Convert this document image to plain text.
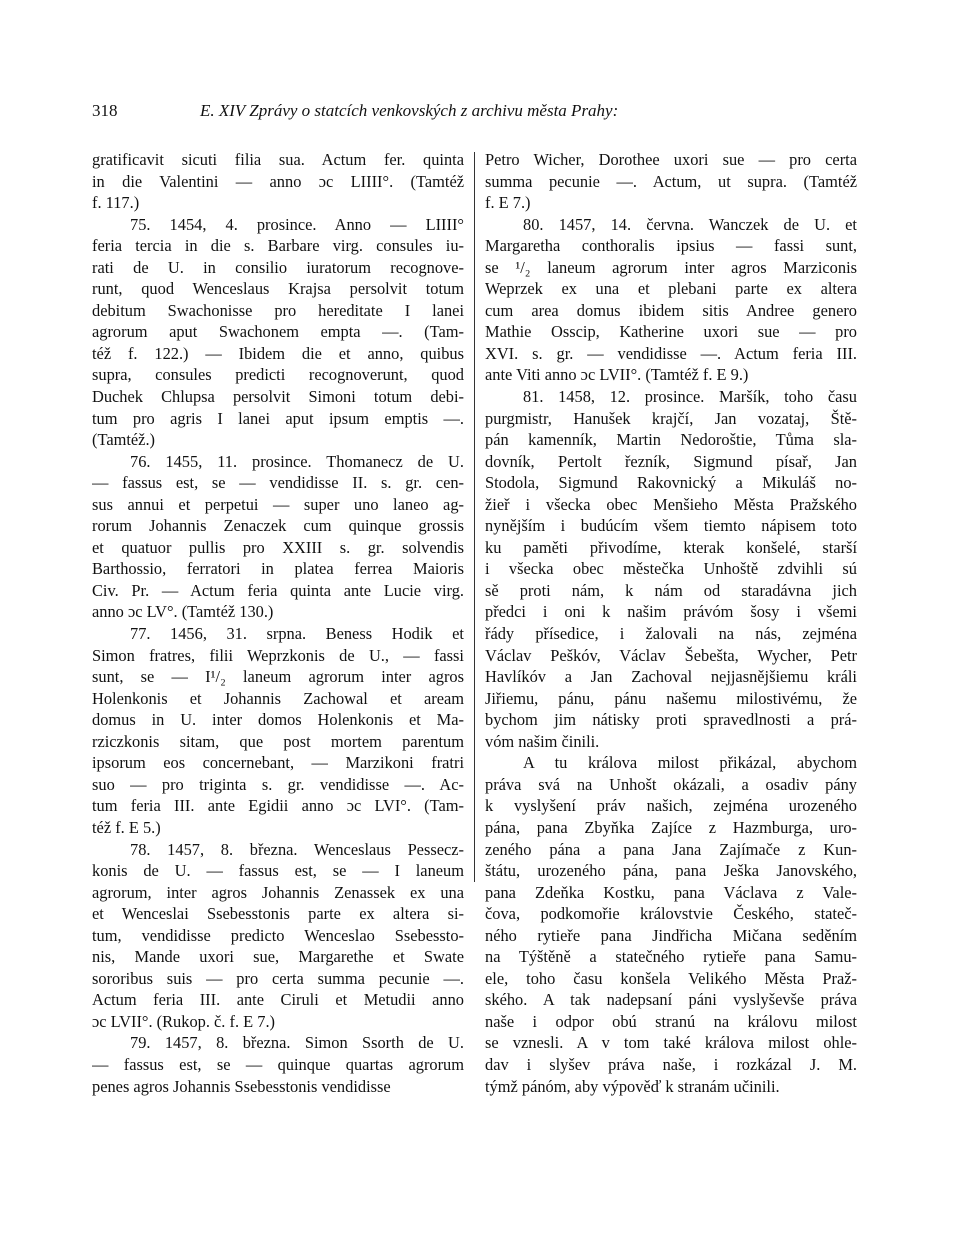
318	E. XIV Zprávy o statcích venkovských z archivu města Prahy:
gratificavit sicuti filia sua. Actum fer. quinta
in die Valentini — anno ɔc LIIII°. (Tamtéž
f. 117.)
75. 1454, 4. prosince. Anno — LIIII°
feria tercia in die s. Barbare virg. consules iu-
rati de U. in consilio iuratorum recognove-
runt, quod Wenceslaus Krajsa persolvit totum
debitum Swachonisse pro hereditate I lanei
agrorum aput Swachonem empta —. (Tam-
též f. 122.) — Ibidem die et anno, quibus
supra, consules predicti recognoverunt, quod
Duchek Chlupsa persolvit Simoni totum debi-
tum pro agris I lanei aput ipsum emptis —.
(Tamtéž.)
76. 1455, 11. prosince. Thomanecz de U.
— fassus est, se — vendidisse II. s. gr. cen-
sus annui et perpetui — super uno laneo ag-
rorum Johannis Zenaczek cum quinque grossis
et quatuor pullis pro XXIII s. gr. solvendis
Barthossio, ferratori in platea ferrea Maioris
Civ. Pr. — Actum feria quinta ante Lucie virg.
anno ɔc LV°. (Tamtéž 130.)
77. 1456, 31. srpna. Beness Hodik et
Simon fratres, filii Weprzkonis de U., — fassi
sunt, se — I¹/₂ laneum agrorum inter agros
Holenkonis et Johannis Zachowal et aream
domus in U. inter domos Holenkonis et Ma-
rziczkonis sitam, que post mortem parentum
ipsorum eos concernebant, — Marzikoni fratri
suo — pro triginta s. gr. vendidisse —. Ac-
tum feria III. ante Egidii anno ɔc LVI°. (Tam-
též f. E 5.)
78. 1457, 8. března. Wenceslaus Pessecz-
konis de U. — fassus est, se — I laneum
agrorum, inter agros Johannis Zenassek ex una
et Wenceslai Ssebesstonis parte ex altera si-
tum, vendidisse predicto Wenceslao Ssebessto-
nis, Mande uxori sue, Margarethe et Swate
sororibus suis — pro certa summa pecunie —.
Actum feria III. ante Ciruli et Metudii anno
ɔc LVII°. (Rukop. č. f. E 7.)
79. 1457, 8. března. Simon Ssorth de U.
— fassus est, se — quinque quartas agrorum
penes agros Johannis Ssebesstonis vendidisse
Petro Wicher, Dorothee uxori sue — pro certa
summa pecunie —. Actum, ut supra. (Tamtéž
f. E 7.)
80. 1457, 14. června. Wanczek de U. et
Margaretha conthoralis ipsius — fassi sunt,
se ¹/₂ laneum agrorum inter agros Marziconis
Weprzek ex una et plebani parte ex altera
cum area domus ibidem sitis Andree genero
Mathie Osscip, Katherine uxori sue — pro
XVI. s. gr. — vendidisse —. Actum feria III.
ante Viti anno ɔc LVII°. (Tamtéž f. E 9.)
81. 1458, 12. prosince. Maršík, toho času
purgmistr, Hanušek krajčí, Jan vozataj, Ště-
pán kamenník, Martin Nedoroštie, Tůma sla-
dovník, Pertolt řezník, Sigmund písař, Jan
Stodola, Sigmund Rakovnický a Mikuláš no-
žieř i všecka obec Menšieho Města Pražského
nynějším i budúcím všem tiemto nápisem toto
ku paměti přivodíme, kterak konšelé, starší
i všecka obec městečka Unhoště zdvihli sú
sě proti nám, k nám od staradávna jich
předci i oni k našim právóm šosy i všemi
řády přísedice, i žalovali na nás, zejména
Václav Peškóv, Václav Šebešta, Wycher, Petr
Havlíkóv a Jan Zachoval nejjasnějšiemu králi
Jiřiemu, pánu, pánu našemu milostivému, že
bychom jim nátisky proti spravedlnosti a prá-
vóm našim činili.
A tu králova milost přikázal, abychom
práva svá na Unhošt okázali, a osadiv pány
k vyslyšení práv našich, zejména urozeného
pána, pana Zbyňka Zajíce z Hazmburga, uro-
zeného pána a pana Jana Zajímače z Kun-
štátu, urozeného pána, pana Ješka Janovského,
pana Zdeňka Kostku, pana Václava z Vale-
čova, podkomořie královstvie Českého, stateč-
ného rytieře pana Jindřicha Mičana seděním
na Týštěně a statečného rytieře pana Samu-
ele, toho času konšela Velikého Města Praž-
ského. A tak nadepsaní páni vyslyševše práva
naše i odpor obú stranú na královu milost
se vznesli. A v tom také králova milost ohle-
dav i slyšev práva naše, i rozkázal J. M.
týmž pánóm, aby výpověď k stranám učinili.
